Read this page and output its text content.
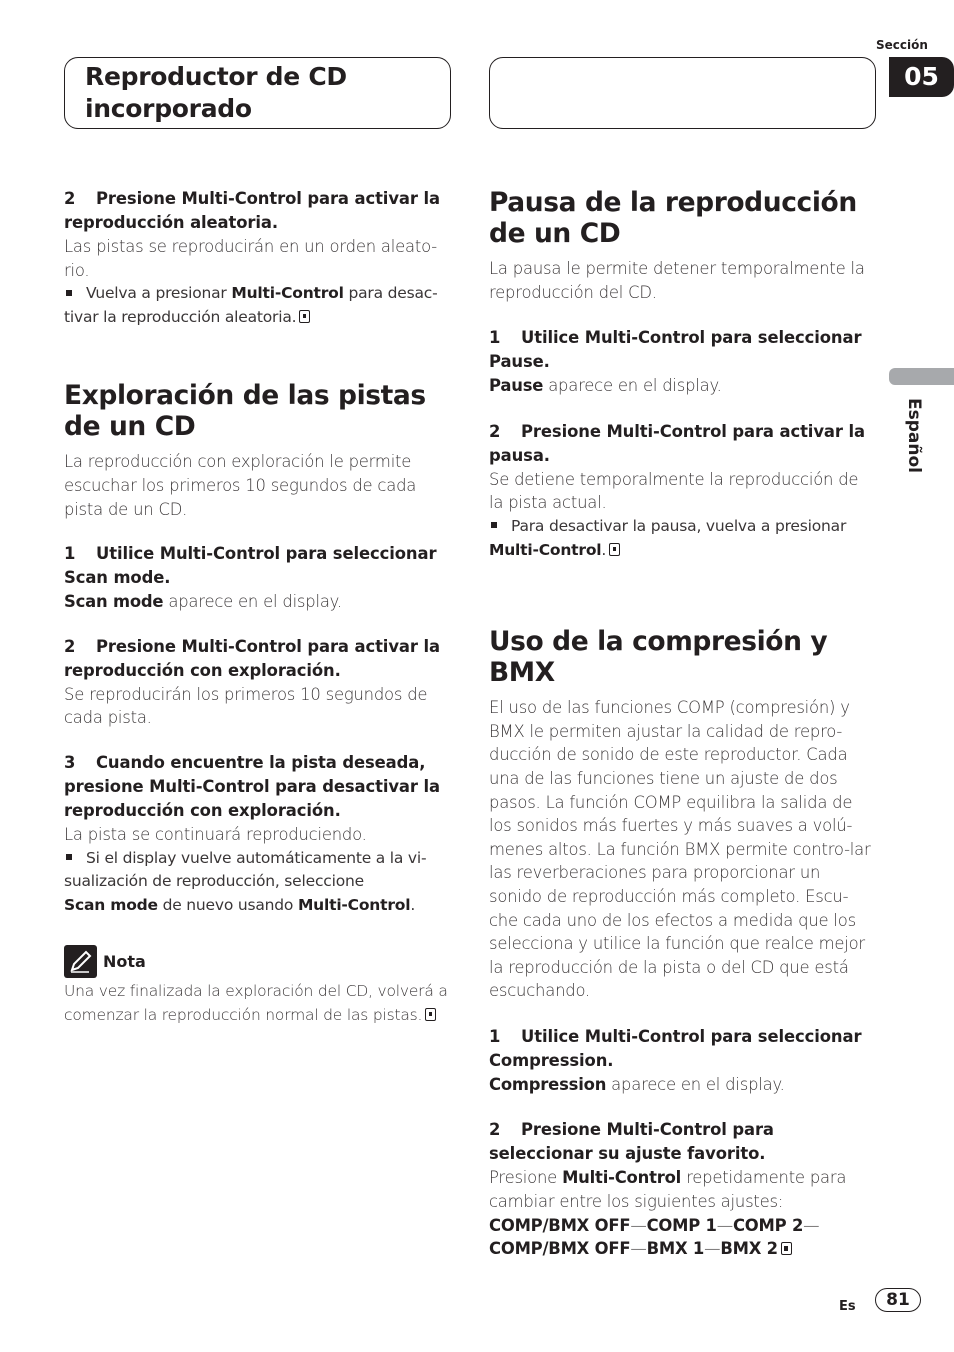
Reproductor de CD
incorporado
Sección
05
Español

2 Presione Multi-Control para activar la reproducción aleatoria.

Las pistas se reproducirán en un orden aleato-rio.

Vuelva a presionar Multi-Control para desac-tivar la reproducción aleatoria.

Exploración de las pistas de un CD

La reproducción con exploración le permite escuchar los primeros 10 segundos de cada pista de un CD.

1 Utilice Multi-Control para seleccionar Scan mode.

Scan mode aparece en el display.

2 Presione Multi-Control para activar la reproducción con exploración.

Se reproducirán los primeros 10 segundos de cada pista.

3 Cuando encuentre la pista deseada, presione Multi-Control para desactivar la reproducción con exploración.

La pista se continuará reproduciendo.

Si el display vuelve automáticamente a la vi-sualización de reproducción, seleccione
Scan mode de nuevo usando Multi-Control.

Nota

Una vez finalizada la exploración del CD, volverá a comenzar la reproducción normal de las pistas.

Pausa de la reproducción de un CD

La pausa le permite detener temporalmente la reproducción del CD.

1 Utilice Multi-Control para seleccionar Pause.

Pause aparece en el display.

2 Presione Multi-Control para activar la pausa.

Se detiene temporalmente la reproducción de la pista actual.

Para desactivar la pausa, vuelva a presionar
Multi-Control.

Uso de la compresión y BMX

El uso de las funciones COMP (compresión) y BMX le permiten ajustar la calidad de repro-ducción de sonido de este reproductor. Cada una de las funciones tiene un ajuste de dos pasos. La función COMP equilibra la salida de los sonidos más fuertes y más suaves a volú-menes altos. La función BMX permite contro-lar las reverberaciones para proporcionar un sonido de reproducción más completo. Escu-che cada uno de los efectos a medida que los selecciona y utilice la función que realce mejor la reproducción de la pista o del CD que está escuchando.

1 Utilice Multi-Control para seleccionar Compression.

Compression aparece en el display.

2 Presione Multi-Control para seleccionar su ajuste favorito.

Presione Multi-Control repetidamente para cambiar entre los siguientes ajustes:

COMP/BMX OFF—COMP 1—COMP 2—

COMP/BMX OFF—BMX 1—BMX 2

Es	81
